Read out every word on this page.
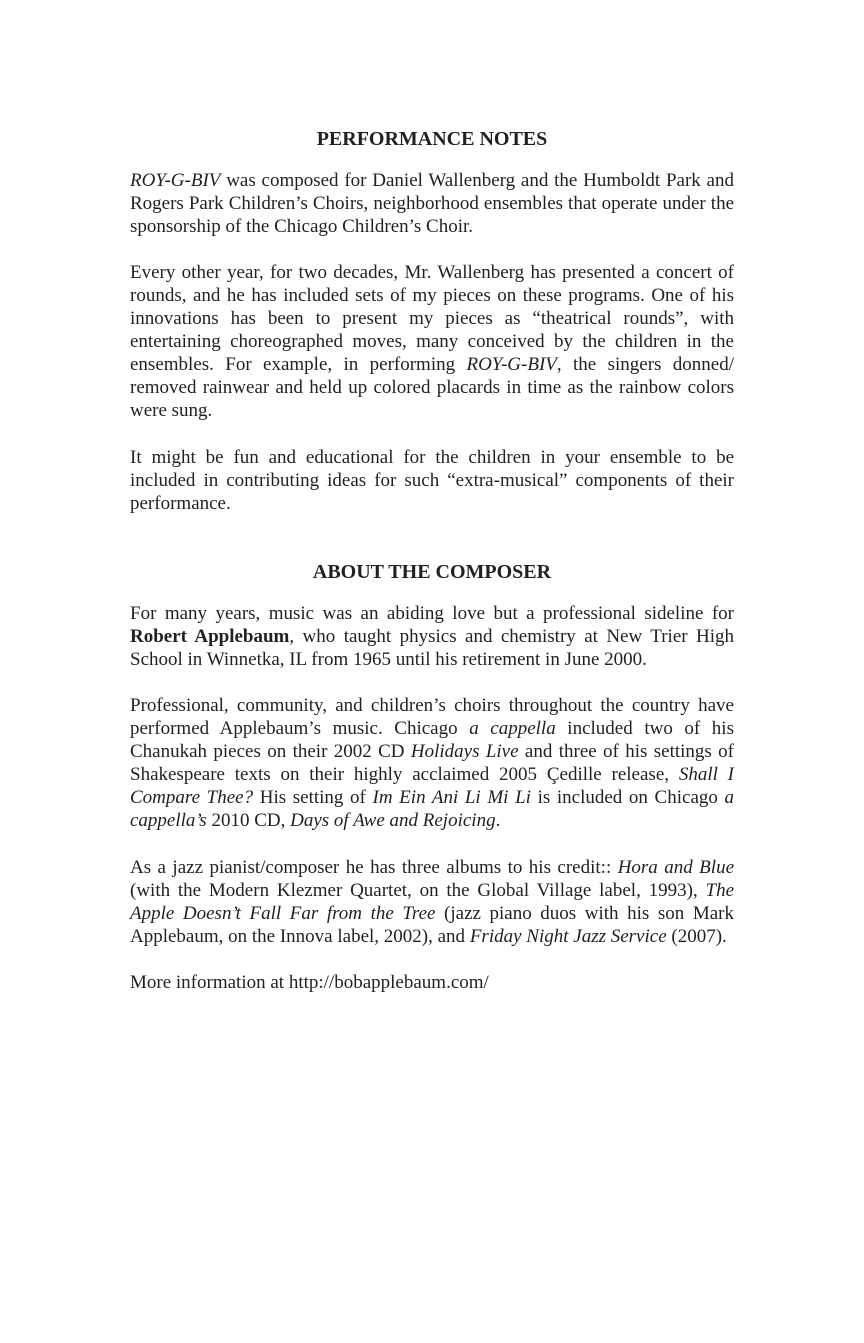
PERFORMANCE NOTES
ROY-G-BIV was composed for Daniel Wallenberg and the Humboldt Park and Rogers Park Children’s Choirs, neighborhood ensembles that operate under the sponsorship of the Chicago Children’s Choir.
Every other year, for two decades, Mr. Wallenberg has presented a concert of rounds, and he has included sets of my pieces on these programs. One of his innovations has been to present my pieces as “theatrical rounds”, with entertaining choreographed moves, many conceived by the children in the ensembles. For example, in performing ROY-G-BIV, the singers donned/ removed rainwear and held up colored placards in time as the rainbow colors were sung.
It might be fun and educational for the children in your ensemble to be included in contributing ideas for such “extra-musical” components of their performance.
ABOUT THE COMPOSER
For many years, music was an abiding love but a professional sideline for Robert Applebaum, who taught physics and chemistry at New Trier High School in Winnetka, IL from 1965 until his retirement in June 2000.
Professional, community, and children’s choirs throughout the country have performed Applebaum’s music. Chicago a cappella included two of his Chanukah pieces on their 2002 CD Holidays Live and three of his settings of Shakespeare texts on their highly acclaimed 2005 Çedille release, Shall I Compare Thee? His setting of Im Ein Ani Li Mi Li is included on Chicago a cappella’s 2010 CD, Days of Awe and Rejoicing.
As a jazz pianist/composer he has three albums to his credit:: Hora and Blue (with the Modern Klezmer Quartet, on the Global Village label, 1993), The Apple Doesn’t Fall Far from the Tree (jazz piano duos with his son Mark Applebaum, on the Innova label, 2002), and Friday Night Jazz Service (2007).
More information at http://bobapplebaum.com/
